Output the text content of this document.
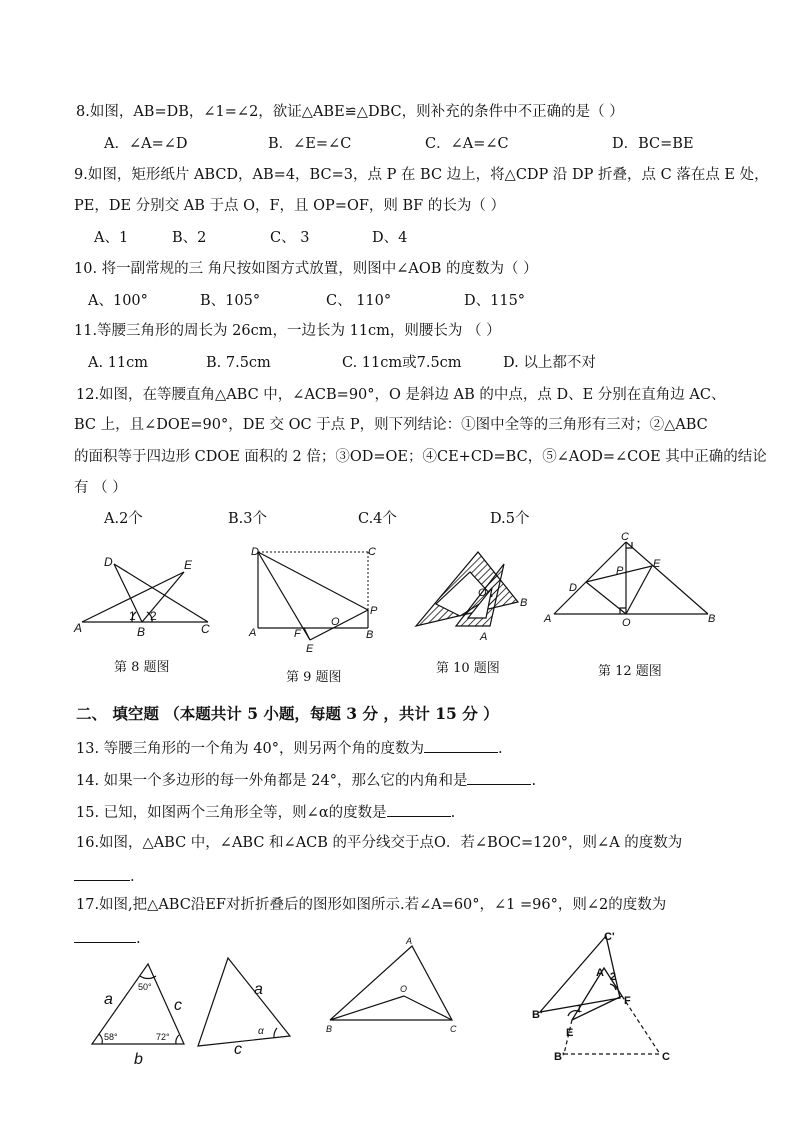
8.如图，AB=DB，∠1=∠2，欲证△ABE≌△DBC，则补充的条件中不正确的是（ ）
A．∠A=∠D	B．∠E=∠C	C．∠A=∠C	D．BC=BE
9.如图，矩形纸片 ABCD，AB=4，BC=3，点 P 在 BC 边上，将△CDP 沿 DP 折叠，点 C 落在点 E 处，
PE，DE 分别交 AB 于点 O，F，且 OP=OF，则 BF 的长为（ ）
A、1	B、2	C、 3	D、4
10. 将一副常规的三 角尺按如图方式放置，则图中∠AOB 的度数为（ ）
A、100°	B、105°	C、 110°	D、115°
11.等腰三角形的周长为 26cm，一边长为 11cm，则腰长为 （ ）
A. 11cm	B. 7.5cm	C. 11cm或7.5cm	D. 以上都不对
12.如图，在等腰直角△ABC 中，∠ACB=90°，O 是斜边 AB 的中点，点 D、E 分别在直角边 AC、
BC 上，且∠DOE=90°，DE 交 OC 于点 P，则下列结论：①图中全等的三角形有三对；②△ABC
的面积等于四边形 CDOE 面积的 2 倍；③OD=OE；④CE+CD=BC，⑤∠AOD=∠COE 其中正确的结论
有 （ ）
A.2个	B.3个	C.4个	D.5个
D	E
A	B	C
1 2
第 8 题图
D	C
A	F
E
O
B
P
第 9 题图
O
B
A
第 10 题图
C
P
E
D
A	O	B
第 12 题图
二、 填空题 （本题共计 5 小题，每题 3 分 ，共计 15 分 ）
13. 等腰三角形的一个角为 40°，则另两个角的度数为	.
14. 如果一个多边形的每一外角都是 24°，那么它的内角和是	.
15. 已知，如图两个三角形全等，则∠α的度数是	.
16.如图，△ABC 中，∠ABC 和∠ACB 的平分线交于点O．若∠BOC=120°，则∠A 的度数为
.
17.如图,把△ABC沿EF对折折叠后的图形如图所示.若∠A=60°，∠1 =96°，则∠2的度数为
.
a	c
b
50°
58°	72°
a
c
α
A
O
B	C
C'
A 2
B'	1
E
F
B'	C
